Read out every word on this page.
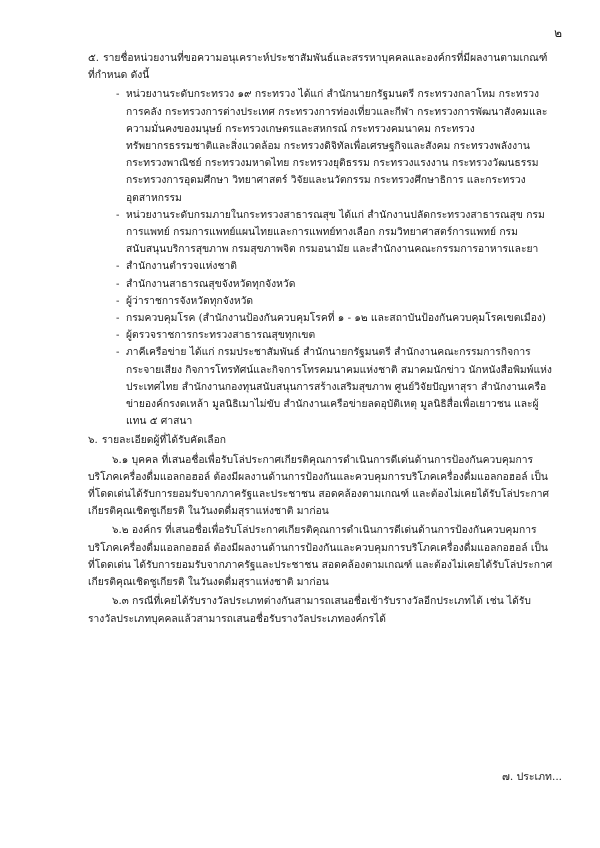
๒

๕. รายชื่อหน่วยงานที่ขอความอนุเคราะห์ประชาสัมพันธ์และสรรหาบุคคลและองค์กรที่มีผลงานตามเกณฑ์ ที่กำหนด ดังนี้

- หน่วยงานระดับกระทรวง ๑๙ กระทรวง ได้แก่ สำนักนายกรัฐมนตรี กระทรวงกลาโหม กระทรวงการคลัง กระทรวงการต่างประเทศ กระทรวงการท่องเที่ยวและกีฬา กระทรวงการพัฒนาสังคมและความมั่นคงของมนุษย์ กระทรวงเกษตรและสหกรณ์ กระทรวงคมนาคม กระทรวงทรัพยากรธรรมชาติและสิ่งแวดล้อม กระทรวงดิจิทัลเพื่อเศรษฐกิจและสังคม กระทรวงพลังงาน กระทรวงพาณิชย์ กระทรวงมหาดไทย กระทรวงยุติธรรม กระทรวงแรงงาน กระทรวงวัฒนธรรม กระทรวงการอุดมศึกษา วิทยาศาสตร์ วิจัยและนวัตกรรม กระทรวงศึกษาธิการ และกระทรวงอุตสาหกรรม
- หน่วยงานระดับกรมภายในกระทรวงสาธารณสุข ได้แก่ สำนักงานปลัดกระทรวงสาธารณสุข กรมการแพทย์ กรมการแพทย์แผนไทยและการแพทย์ทางเลือก กรมวิทยาศาสตร์การแพทย์ กรมสนับสนุนบริการสุขภาพ กรมสุขภาพจิต กรมอนามัย และสำนักงานคณะกรรมการอาหารและยา
- สำนักงานตำรวจแห่งชาติ
- สำนักงานสาธารณสุขจังหวัดทุกจังหวัด
- ผู้ว่าราชการจังหวัดทุกจังหวัด
- กรมควบคุมโรค (สำนักงานป้องกันควบคุมโรคที่ ๑ - ๑๒ และสถาบันป้องกันควบคุมโรคเขตเมือง)
- ผู้ตรวจราชการกระทรวงสาธารณสุขทุกเขต
- ภาคีเครือข่าย ได้แก่ กรมประชาสัมพันธ์ สำนักนายกรัฐมนตรี สำนักงานคณะกรรมการกิจการกระจายเสียง กิจการโทรทัศน์และกิจการโทรคมนาคมแห่งชาติ สมาคมนักข่าว นักหนังสือพิมพ์แห่งประเทศไทย สำนักงานกองทุนสนับสนุนการสร้างเสริมสุขภาพ ศูนย์วิจัยปัญหาสุรา สำนักงานเครือข่ายองค์กรงดเหล้า มูลนิธิเมาไม่ขับ สำนักงานเครือข่ายลดอุบัติเหตุ มูลนิธิสื่อเพื่อเยาวชน และผู้แทน ๕ ศาสนา

๖. รายละเอียดผู้ที่ได้รับคัดเลือก

๖.๑ บุคคล ที่เสนอชื่อเพื่อรับโล่ประกาศเกียรติคุณการดำเนินการดีเด่นด้านการป้องกันควบคุมการบริโภคเครื่องดื่มแอลกอฮอล์ ต้องมีผลงานด้านการป้องกันและควบคุมการบริโภคเครื่องดื่มแอลกอฮอล์ เป็นที่โดดเด่นได้รับการยอมรับจากภาครัฐและประชาชน สอดคล้องตามเกณฑ์ และต้องไม่เคยได้รับโล่ประกาศเกียรติคุณเชิดชูเกียรติ ในวันงดดื่มสุราแห่งชาติ มาก่อน

๖.๒ องค์กร ที่เสนอชื่อเพื่อรับโล่ประกาศเกียรติคุณการดำเนินการดีเด่นด้านการป้องกันควบคุมการบริโภคเครื่องดื่มแอลกอฮอล์ ต้องมีผลงานด้านการป้องกันและควบคุมการบริโภคเครื่องดื่มแอลกอฮอล์ เป็นที่โดดเด่น ได้รับการยอมรับจากภาครัฐและประชาชน สอดคล้องตามเกณฑ์ และต้องไม่เคยได้รับโล่ประกาศเกียรติคุณเชิดชูเกียรติ ในวันงดดื่มสุราแห่งชาติ มาก่อน

๖.๓ กรณีที่เคยได้รับรางวัลประเภทต่างกันสามารถเสนอชื่อเข้ารับรางวัลอีกประเภทได้ เช่น ได้รับรางวัลประเภทบุคคลแล้วสามารถเสนอชื่อรับรางวัลประเภทองค์กรได้

๗. ประเภท...
